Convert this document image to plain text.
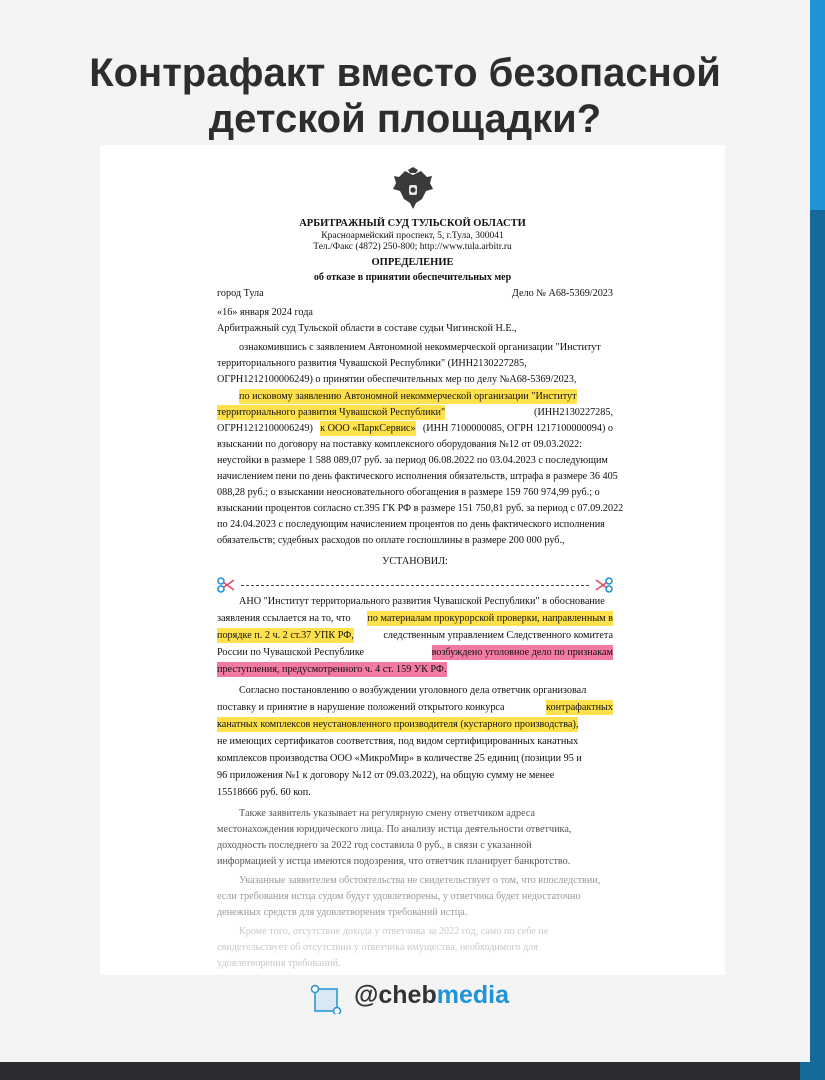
Контрафакт вместо безопасной
детской площадки?
АРБИТРАЖНЫЙ СУД ТУЛЬСКОЙ ОБЛАСТИ
Красноармейский проспект, 5, г.Тула, 300041
Тел./Факс (4872) 250-800; http://www.tula.arbitr.ru
ОПРЕДЕЛЕНИЕ
об отказе в принятии обеспечительных мер
город Тула	Дело № А68-5369/2023
«16» января 2024 года
Арбитражный суд Тульской области в составе судьи Чигинской Н.Е.,
ознакомившись с заявлением Автономной некоммерческой организации "Институт
территориального развития Чувашской Республики" (ИНН2130227285,
ОГРН1212100006249) о принятии обеспечительных мер по делу №А68-5369/2023,
по исковому заявлению Автономной некоммерческой организации "Институт
территориального развития Чувашской Республики"	(ИНН2130227285,
ОГРН1212100006249) к ООО «ПаркСервис» (ИНН 7100000085, ОГРН 1217100000094) о
взыскании по договору на поставку комплексного оборудования №12 от 09.03.2022:
неустойки в размере 1 588 089,07 руб. за период 06.08.2022 по 03.04.2023 с последующим
начислением пени по день фактического исполнения обязательств, штрафа в размере 36 405
088,28 руб.; о взыскании неосновательного обогащения в размере 159 760 974,99 руб.; о
взыскании процентов согласно ст.395 ГК РФ в размере 151 750,81 руб. за период с 07.09.2022
по 24.04.2023 с последующим начислением процентов по день фактического исполнения
обязательств; судебных расходов по оплате госпошлины в размере 200 000 руб.,
УСТАНОВИЛ:
АНО "Институт территориального развития Чувашской Республики" в обоснование
заявления ссылается на то, что по материалам прокурорской проверки, направленным в
порядке п. 2 ч. 2 ст.37 УПК РФ,	следственным управлением Следственного комитета
России по Чувашской Республике	возбуждено уголовное дело по признакам
преступления, предусмотренного ч. 4 ст. 159 УК РФ.
Согласно постановлению о возбуждении уголовного дела ответчик организовал
поставку и принятие в нарушение положений открытого конкурса	контрафактных
канатных комплексов неустановленного производителя (кустарного производства),
не имеющих сертификатов соответствия, под видом сертифицированных канатных
комплексов производства ООО «МикроМир» в количестве 25 единиц (позиции 95 и
96 приложения №1 к договору №12 от 09.03.2022), на общую сумму не менее
15518666 руб. 60 коп.
Также заявитель указывает на регулярную смену ответчиком адреса
местонахождения юридического лица. По анализу истца деятельности ответчика,
доходность последнего за 2022 год составила 0 руб., в связи с указанной
информацией у истца имеются подозрения, что ответчик планирует банкротство.
Указанные заявителем обстоятельства не свидетельствует о том, что впоследствии,
если требования истца судом будут удовлетворены, у ответчика будет недостаточно
денежных средств для удовлетворения требований истца.
Кроме того, отсутствие дохода у ответчика за 2022 год, само по себе не
свидетельствует об отсутствии у ответчика имущества, необходимого для
удовлетворения требований.
@chebmedia
